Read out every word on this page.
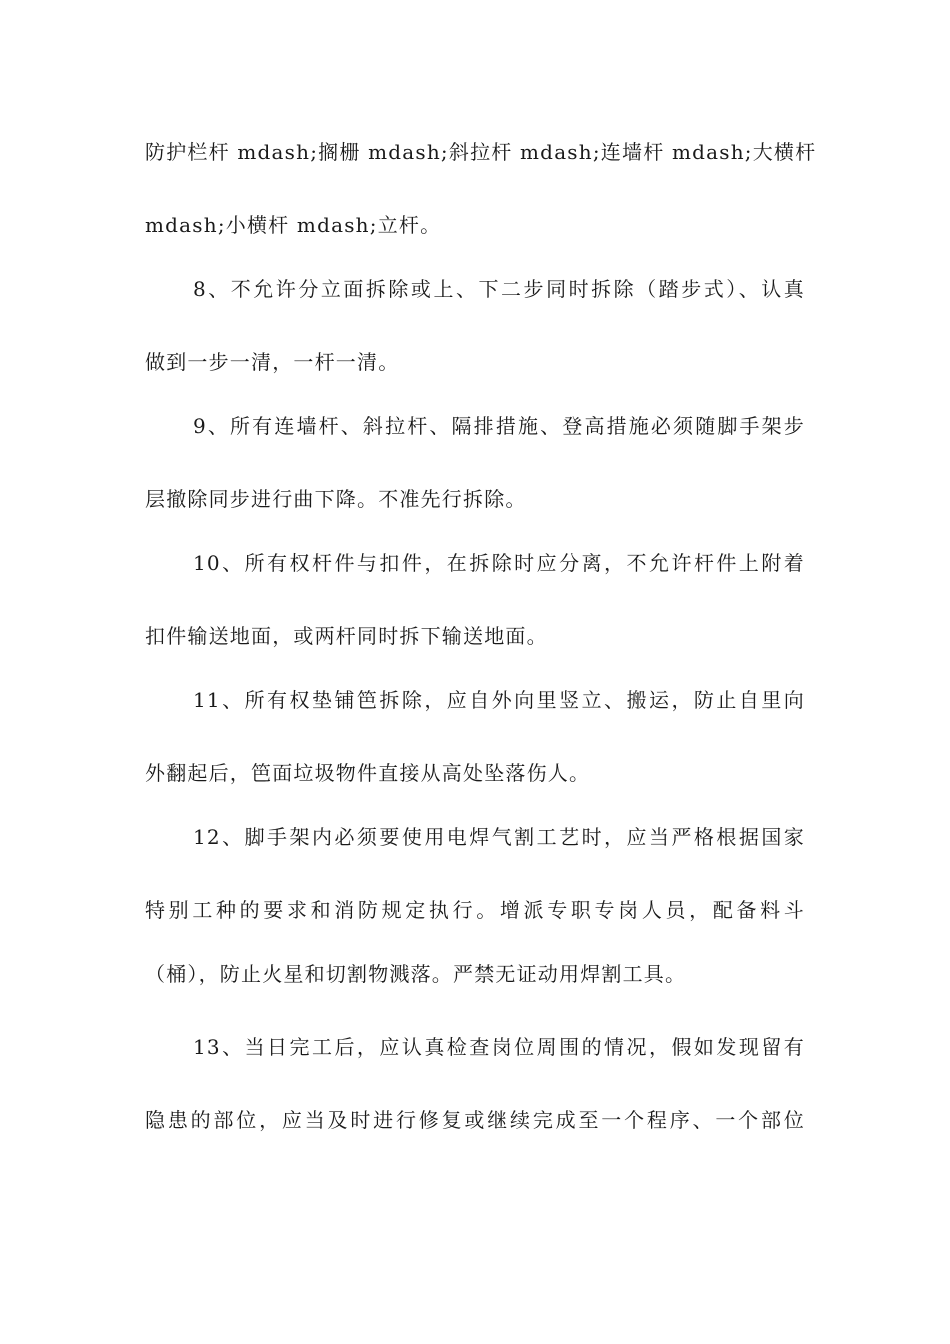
防护栏杆 mdash;搁栅 mdash;斜拉杆 mdash;连墙杆 mdash;大横杆
mdash;小横杆 mdash;立杆。
8、不允许分立面拆除或上、下二步同时拆除（踏步式）、认真
做到一步一清，一杆一清。
9、所有连墙杆、斜拉杆、隔排措施、登高措施必须随脚手架步
层撤除同步进行曲下降。不准先行拆除。
10、所有权杆件与扣件，在拆除时应分离，不允许杆件上附着
扣件输送地面，或两杆同时拆下输送地面。
11、所有权垫铺笆拆除，应自外向里竖立、搬运，防止自里向
外翻起后，笆面垃圾物件直接从高处坠落伤人。
12、脚手架内必须要使用电焊气割工艺时，应当严格根据国家
特别工种的要求和消防规定执行。增派专职专岗人员，配备料斗
（桶），防止火星和切割物溅落。严禁无证动用焊割工具。
13、当日完工后，应认真检查岗位周围的情况，假如发现留有
隐患的部位，应当及时进行修复或继续完成至一个程序、一个部位
